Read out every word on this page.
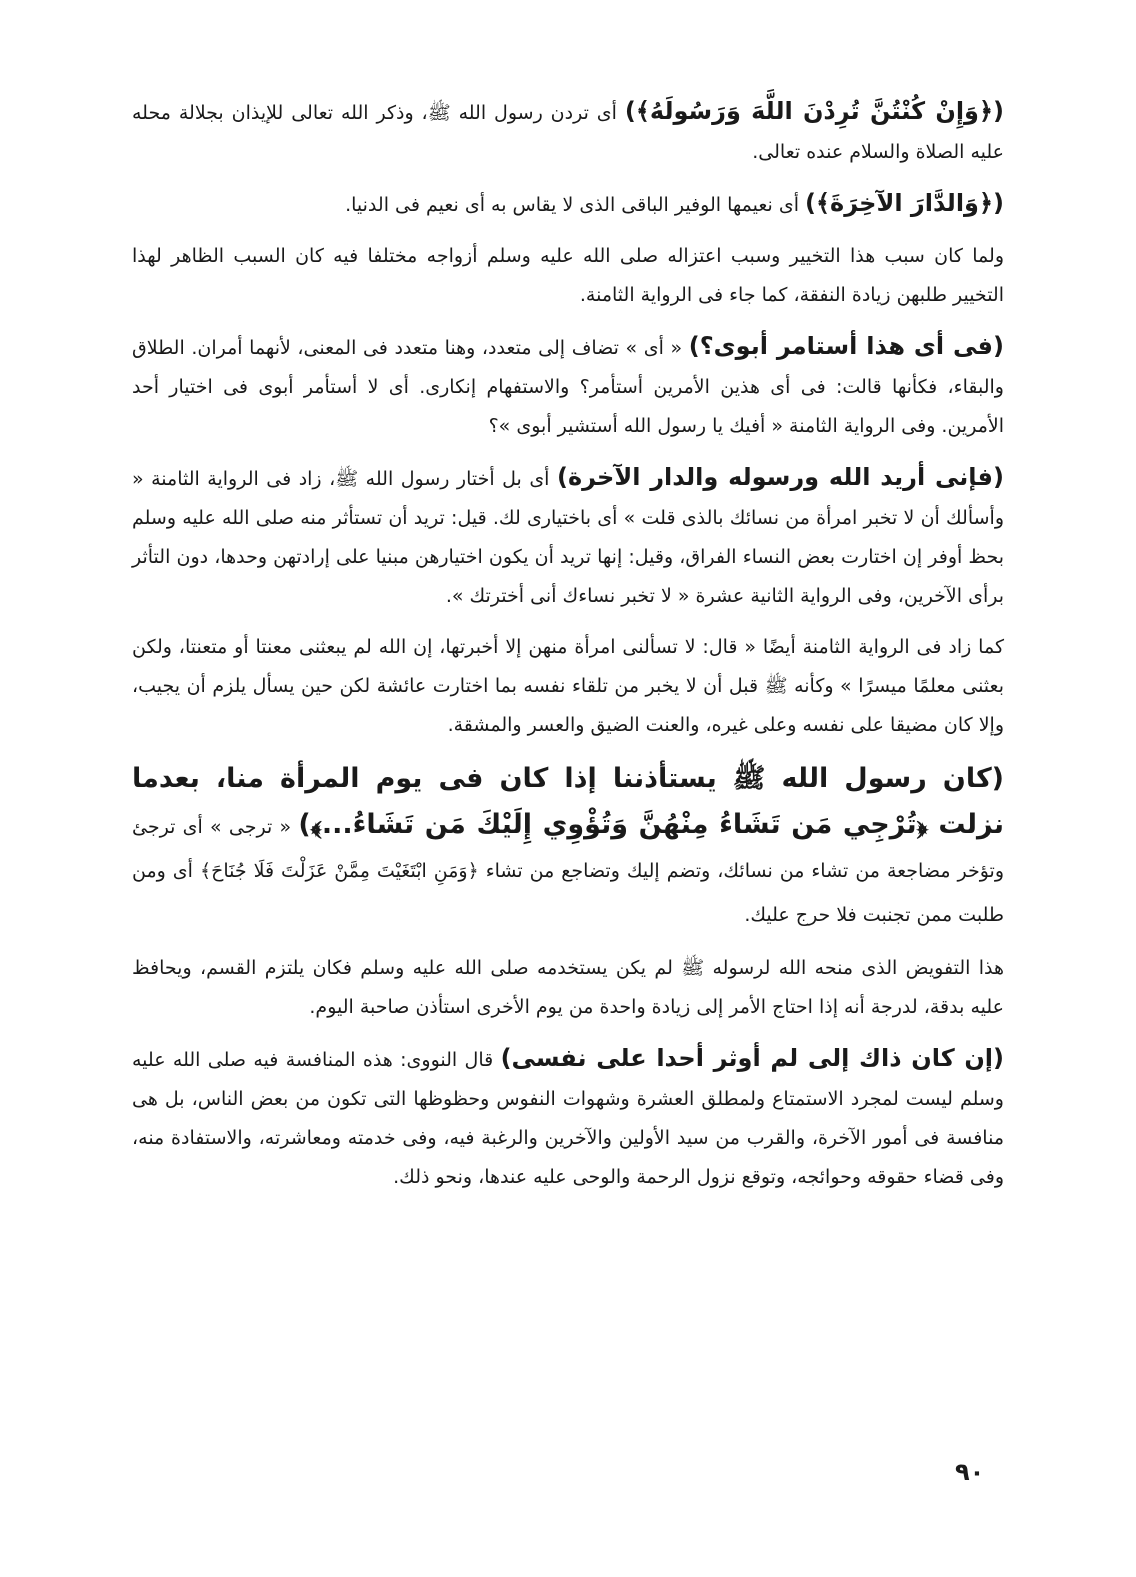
(﴿وَإِنْ كُنْتُنَّ تُرِدْنَ اللَّهَ وَرَسُولَهُ﴾) أى تردن رسول الله ﷺ، وذكر الله تعالى للإيذان بجلالة محله عليه الصلاة والسلام عنده تعالى.

(﴿وَالدَّارَ الآخِرَةَ﴾) أى نعيمها الوفير الباقى الذى لا يقاس به أى نعيم فى الدنيا.

ولما كان سبب هذا التخيير وسبب اعتزاله صلى الله عليه وسلم أزواجه مختلفا فيه كان السبب الظاهر لهذا التخيير طلبهن زيادة النفقة، كما جاء فى الرواية الثامنة.

(فى أى هذا أستامر أبوى؟) « أى » تضاف إلى متعدد، وهنا متعدد فى المعنى، لأنهما أمران. الطلاق والبقاء، فكأنها قالت: فى أى هذين الأمرين أستأمر؟ والاستفهام إنكارى. أى لا أستأمر أبوى فى اختيار أحد الأمرين. وفى الرواية الثامنة « أفيك يا رسول الله أستشير أبوى »؟

(فإنى أريد الله ورسوله والدار الآخرة) أى بل أختار رسول الله ﷺ، زاد فى الرواية الثامنة « وأسألك أن لا تخبر امرأة من نسائك بالذى قلت » أى باختيارى لك. قيل: تريد أن تستأثر منه صلى الله عليه وسلم بحظ أوفر إن اختارت بعض النساء الفراق، وقيل: إنها تريد أن يكون اختيارهن مبنيا على إرادتهن وحدها، دون التأثر برأى الآخرين، وفى الرواية الثانية عشرة « لا تخبر نساءك أنى أخترتك ».

كما زاد فى الرواية الثامنة أيضًا « قال: لا تسألنى امرأة منهن إلا أخبرتها، إن الله لم يبعثنى معنتا أو متعنتا، ولكن بعثنى معلمًا ميسرًا » وكأنه ﷺ قبل أن لا يخبر من تلقاء نفسه بما اختارت عائشة لكن حين يسأل يلزم أن يجيب، وإلا كان مضيقا على نفسه وعلى غيره، والعنت الضيق والعسر والمشقة.

(كان رسول الله ﷺ يستأذننا إذا كان فى يوم المرأة منا، بعدما نزلت ﴿تُرْجِي مَن تَشَاءُ مِنْهُنَّ وَتُؤْوِي إِلَيْكَ مَن تَشَاءُ...﴾) « ترجى » أى ترجئ وتؤخر مضاجعة من تشاء من نسائك، وتضم إليك وتضاجع من تشاء ﴿وَمَنِ ابْتَغَيْتَ مِمَّنْ عَزَلْتَ فَلَا جُنَاحَ﴾ أى ومن طلبت ممن تجنبت فلا حرج عليك.

هذا التفويض الذى منحه الله لرسوله ﷺ لم يكن يستخدمه صلى الله عليه وسلم فكان يلتزم القسم، ويحافظ عليه بدقة، لدرجة أنه إذا احتاج الأمر إلى زيادة واحدة من يوم الأخرى استأذن صاحبة اليوم.

(إن كان ذاك إلى لم أوثر أحدا على نفسى) قال النووى: هذه المنافسة فيه صلى الله عليه وسلم ليست لمجرد الاستمتاع ولمطلق العشرة وشهوات النفوس وحظوظها التى تكون من بعض الناس، بل هى منافسة فى أمور الآخرة، والقرب من سيد الأولين والآخرين والرغبة فيه، وفى خدمته ومعاشرته، والاستفادة منه، وفى قضاء حقوقه وحوائجه، وتوقع نزول الرحمة والوحى عليه عندها، ونحو ذلك.

٩٠
